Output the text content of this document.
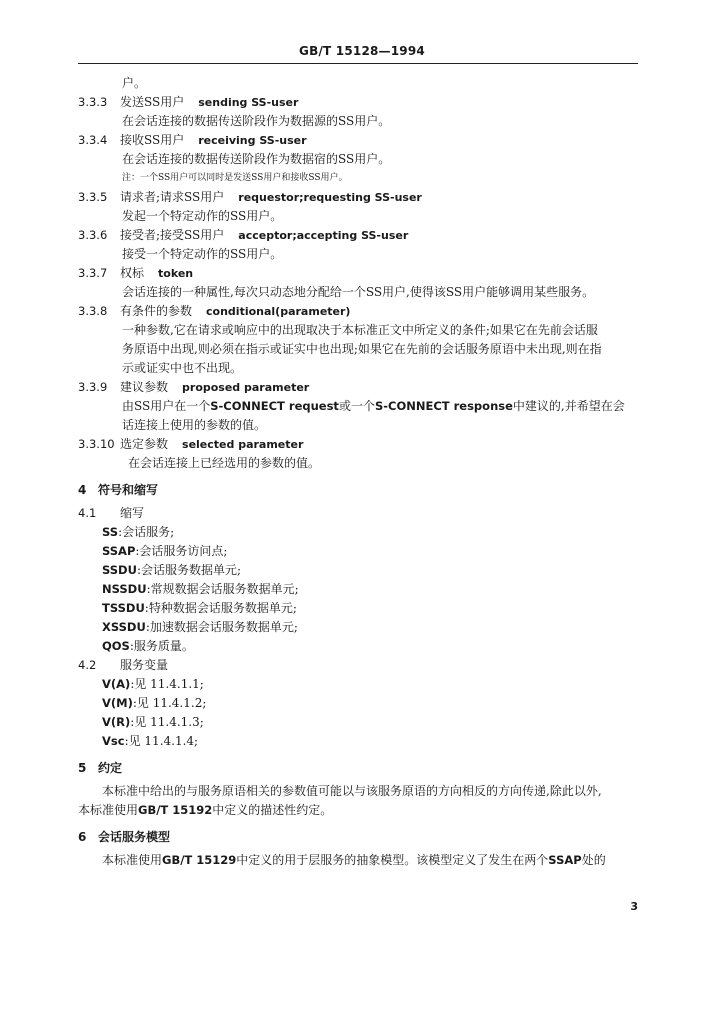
GB/T 15128—1994
户。
3.3.3 发送SS用户 sending SS-user
在会话连接的数据传送阶段作为数据源的SS用户。
3.3.4 接收SS用户 receiving SS-user
在会话连接的数据传送阶段作为数据宿的SS用户。
注：一个SS用户可以同时是发送SS用户和接收SS用户。
3.3.5 请求者;请求SS用户 requestor;requesting SS-user
发起一个特定动作的SS用户。
3.3.6 接受者;接受SS用户 acceptor;accepting SS-user
接受一个特定动作的SS用户。
3.3.7 权标 token
会话连接的一种属性,每次只动态地分配给一个SS用户,使得该SS用户能够调用某些服务。
3.3.8 有条件的参数 conditional(parameter)
一种参数,它在请求或响应中的出现取决于本标准正文中所定义的条件;如果它在先前会话服
务原语中出现,则必须在指示或证实中也出现;如果它在先前的会话服务原语中未出现,则在指
示或证实中也不出现。
3.3.9 建议参数 proposed parameter
由SS用户在一个S-CONNECT request或一个S-CONNECT response中建议的,并希望在会
话连接上使用的参数的值。
3.3.10 选定参数 selected parameter
在会话连接上已经选用的参数的值。
4 符号和缩写
4.1 缩写
SS:会话服务;
SSAP:会话服务访问点;
SSDU:会话服务数据单元;
NSSDU:常规数据会话服务数据单元;
TSSDU:特种数据会话服务数据单元;
XSSDU:加速数据会话服务数据单元;
QOS:服务质量。
4.2 服务变量
V(A):见 11.4.1.1;
V(M):见 11.4.1.2;
V(R):见 11.4.1.3;
Vsc:见 11.4.1.4;
5 约定
本标准中给出的与服务原语相关的参数值可能以与该服务原语的方向相反的方向传递,除此以外,
本标准使用GB/T 15192中定义的描述性约定。
6 会话服务模型
本标准使用GB/T 15129中定义的用于层服务的抽象模型。该模型定义了发生在两个SSAP处的
3
